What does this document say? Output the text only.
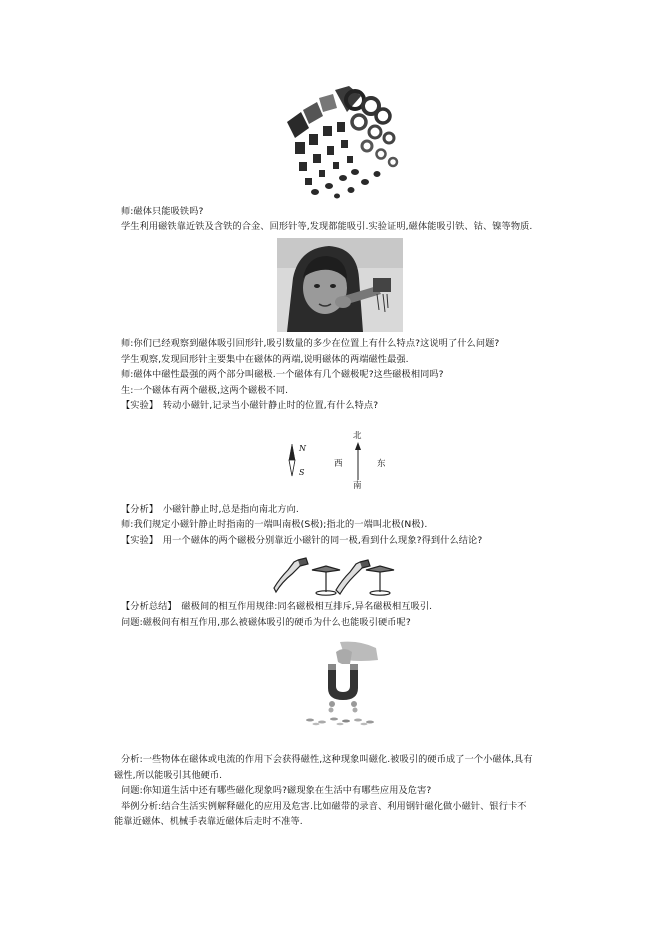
师:磁体只能吸铁吗?
学生利用磁铁靠近铁及含铁的合金、回形针等,发现都能吸引.实验证明,磁体能吸引铁、钴、镍等物质.
师:你们已经观察到磁体吸引回形针,吸引数量的多少在位置上有什么特点?这说明了什么问题?
学生观察,发现回形针主要集中在磁体的两端,说明磁体的两端磁性最强.
师:磁体中磁性最强的两个部分叫磁极.一个磁体有几个磁极呢?这些磁极相同吗?
生:一个磁体有两个磁极,这两个磁极不同.
【实验】　转动小磁针,记录当小磁针静止时的位置,有什么特点?
N
S
北
西	东
南
【分析】　小磁针静止时,总是指向南北方向.
师:我们规定小磁针静止时指南的一端叫南极(S极);指北的一端叫北极(N极).
【实验】　用一个磁体的两个磁极分别靠近小磁针的同一极,看到什么现象?得到什么结论?
【分析总结】　磁极间的相互作用规律:同名磁极相互排斥,异名磁极相互吸引.
问题:磁极间有相互作用,那么被磁体吸引的硬币为什么也能吸引硬币呢?
分析:一些物体在磁体或电流的作用下会获得磁性,这种现象叫磁化.被吸引的硬币成了一个小磁体,具有
磁性,所以能吸引其他硬币.
问题:你知道生活中还有哪些磁化现象吗?磁现象在生活中有哪些应用及危害?
举例分析:结合生活实例解释磁化的应用及危害.比如磁带的录音、利用钢针磁化做小磁针、银行卡不
能靠近磁体、机械手表靠近磁体后走时不准等.
